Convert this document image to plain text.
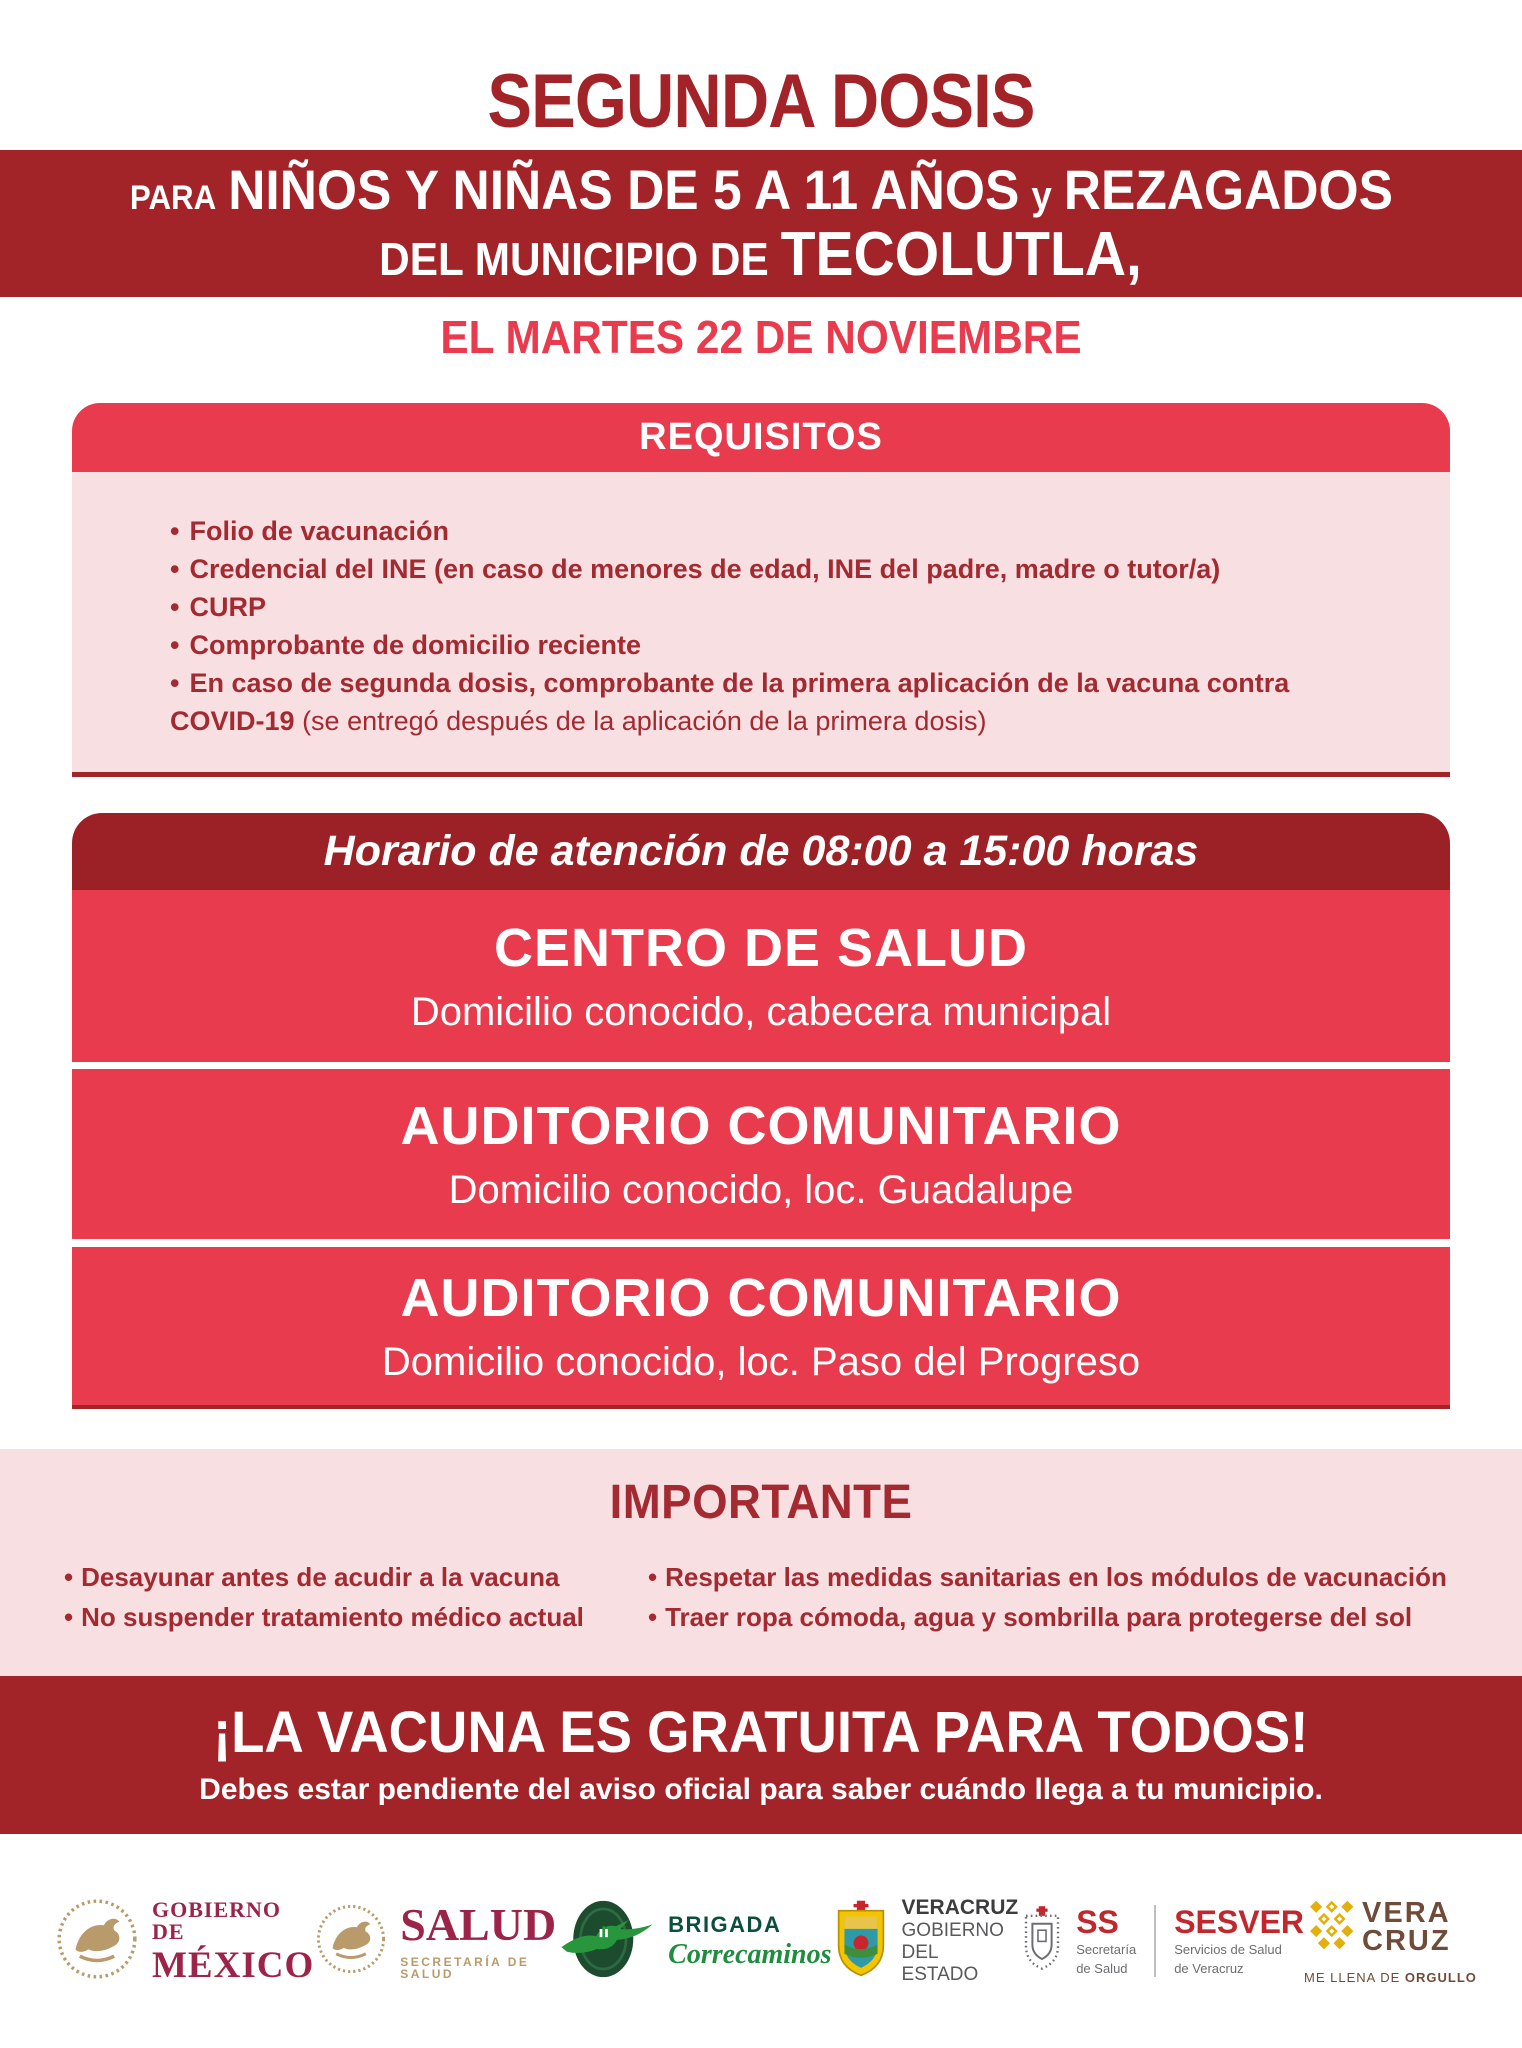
SEGUNDA DOSIS
PARA NIÑOS Y NIÑAS DE 5 A 11 AÑOS y REZAGADOS
DEL MUNICIPIO DE TECOLUTLA,
EL MARTES 22 DE NOVIEMBRE
REQUISITOS
• Folio de vacunación
• Credencial del INE (en caso de menores de edad, INE del padre, madre o tutor/a)
• CURP
• Comprobante de domicilio reciente
• En caso de segunda dosis, comprobante de la primera aplicación de la vacuna contra
COVID-19 (se entregó después de la aplicación de la primera dosis)
Horario de atención de 08:00 a 15:00 horas
CENTRO DE SALUD
Domicilio conocido, cabecera municipal
AUDITORIO COMUNITARIO
Domicilio conocido, loc. Guadalupe
AUDITORIO COMUNITARIO
Domicilio conocido, loc. Paso del Progreso
IMPORTANTE
• Desayunar antes de acudir a la vacuna
• No suspender tratamiento médico actual
• Respetar las medidas sanitarias en los módulos de vacunación
• Traer ropa cómoda, agua y sombrilla para protegerse del sol
¡LA VACUNA ES GRATUITA PARA TODOS!
Debes estar pendiente del aviso oficial para saber cuándo llega a tu municipio.
GOBIERNO DE
MÉXICO
SALUD
SECRETARÍA DE SALUD
BRIGADA
Correcaminos
VERACRUZ
GOBIERNO
DEL ESTADO
SS
Secretaría
de Salud
SESVER
Servicios de Salud
de Veracruz
VERA
CRUZ
ME LLENA DE ORGULLO
